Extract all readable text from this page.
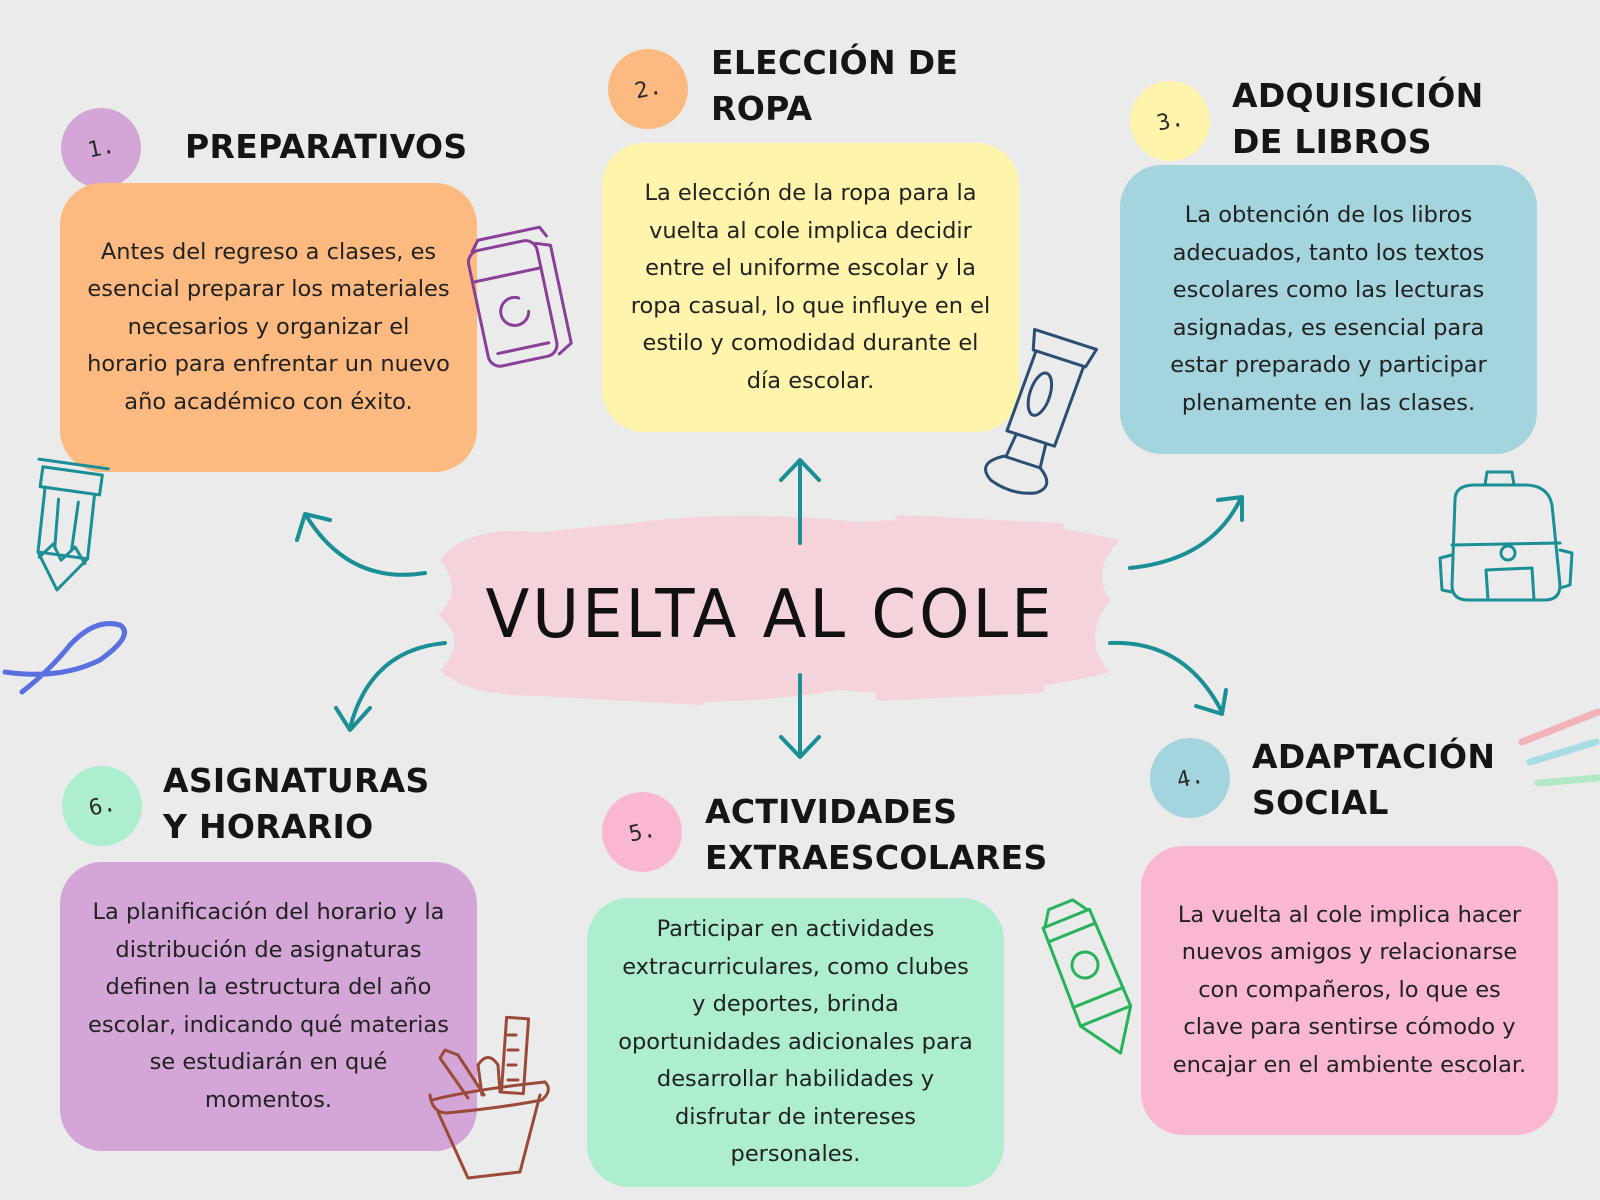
VUELTA AL COLE
1. PREPARATIVOS
Antes del regreso a clases, es esencial preparar los materiales necesarios y organizar el horario para enfrentar un nuevo año académico con éxito.
2.
ELECCIÓN DE ROPA
La elección de la ropa para la vuelta al cole implica decidir entre el uniforme escolar y la ropa casual, lo que influye en el estilo y comodidad durante el día escolar.
3.
ADQUISICIÓN DE LIBROS
La obtención de los libros adecuados, tanto los textos escolares como las lecturas asignadas, es esencial para estar preparado y participar plenamente en las clases.
4.
ADAPTACIÓN SOCIAL
La vuelta al cole implica hacer nuevos amigos y relacionarse con compañeros, lo que es clave para sentirse cómodo y encajar en el ambiente escolar.
5.
ACTIVIDADES EXTRAESCOLARES
Participar en actividades extracurriculares, como clubes y deportes, brinda oportunidades adicionales para desarrollar habilidades y disfrutar de intereses personales.
6.
ASIGNATURAS Y HORARIO
La planificación del horario y la distribución de asignaturas definen la estructura del año escolar, indicando qué materias se estudiarán en qué momentos.
